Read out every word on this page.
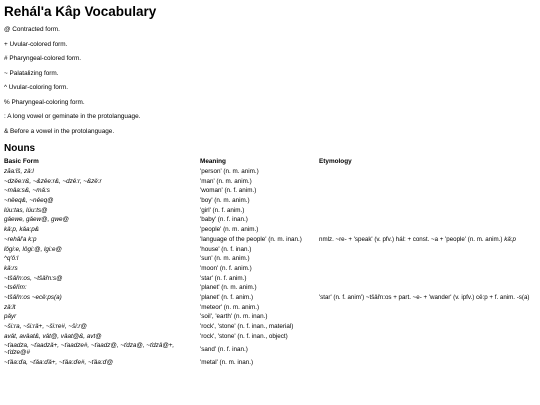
Rehál'a Kâp Vocabulary

@ Contracted form.

+ Uvular-colored form.

# Pharyngeal-colored form.

~ Palatalizing form.

^ Uvular-coloring form.

% Pharyngeal-coloring form.

: A long vowel or geminate in the protolanguage.

& Before a vowel in the protolanguage.

Nouns
Basic Form	Meaning	Etymology
zăa:ǐš, zǎ:l	'person' (n. m. anim.)	
~dzěe:r&, ~&zěe:r&, ~dzě:r, ~&zě:r	'man' (n. m. anim.)	
~mǎa:s&, ~mǎ:s	'woman' (n. f. anim.)	
~něeq&, ~něeq@	'boy' (n. m. anim.)	
lúu:tas, lúu:ts@	'girl' (n. f. anim.)	
gǎewe, gǎew@, gwe@	'baby' (n. f. inan.)	
kǎ:p, kǎa:p&	'people' (n. m. anim.)	
~rehǎl'a k:p	'language of the people' (n. m. inan.)	nmlz. ~re- + 'speak' (v. pfv.) hál: + const. ~a + 'people' (n. m. anim.) kǎ:p
lǒgi:e, lǒgi:@, lgi:e@	'house' (n. f. inan.)	
^q'ǒ:l	'sun' (n. m. anim.)	
kǎ:rs	'moon' (n. f. anim.)	
~tšǎřn:os, ~tšǎřn:s@	'star' (n. f. anim.)	
~tsěřim:	'planet' (n. m. anim.)	
~tšǎřn:os ~ecě:ps(a)	'planet' (n. f. anim.)	'star' (n. f. anim') ~tšǎřn:os + part. ~e- + 'wander' (v. ipfv.) cě:p + f. anim. -s(a)
zǎ:ǐt	'meteor' (n. m. anim.)	
pǎyr	'soil', 'earth' (n. m. inan.)	
~ši:ra, ~ši:rǎ+, ~ši:re#, ~ši:r@	'rock', 'stone' (n. f. inan., material)	
avǎt, avǎat&, vǎt@, vǎat@&, avt@	'rock', 'stone' (n. f. inan., object)	
~ťaadza, ~ťaadzǎ+, ~ťaadze#, ~ťaadz@, ~ťdza@, ~ťdzǎ@+, ~ťdze@#	'sand' (n. f. inan.)	
~ťǎa:ďa, ~ťǎa:ďǎ+, ~ťǎa:ďe#, ~ťǎa:ď@	'metal' (n. m. inan.)	
